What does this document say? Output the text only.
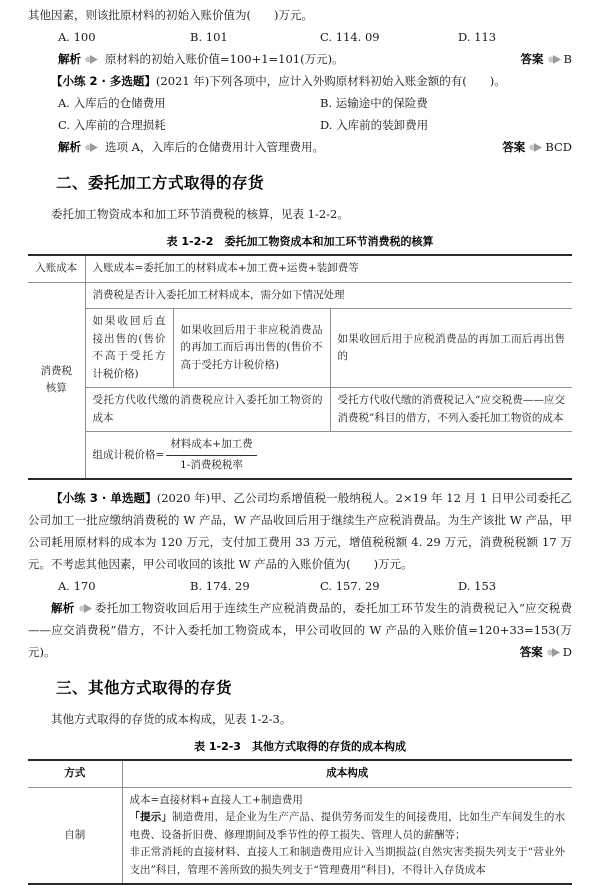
其他因素，则该批原材料的初始入账价值为(　　)万元。

A. 100	B. 101	C. 114. 09	D. 113
解析	原材料的初始入账价值=100+1=101(万元)。	答案 B

【小练 2 · 多选题】(2021 年)下列各项中，应计入外购原材料初始入账金额的有(　　)。

A. 入库后的仓储费用	B. 运输途中的保险费
C. 入库前的合理损耗	D. 入库前的装卸费用
解析	选项 A，入库后的仓储费用计入管理费用。	答案 BCD
二、委托加工方式取得的存货

委托加工物资成本和加工环节消费税的核算，见表 1-2-2。

表 1-2-2　委托加工物资成本和加工环节消费税的核算
入账成本	入账成本=委托加工的材料成本+加工费+运费+装卸费等		

消费税
核算	消费税是否计入委托加工材料成本，需分如下情况处理		
	如果收回后直接出售的(售价不高于受托方计税价格)	如果收回后用于非应税消费品的再加工而后再出售的(售价不高于受托方计税价格)	如果收回后用于应税消费品的再加工而后再出售的
	受托方代收代缴的消费税应计入委托加工物资的成本		受托方代收代缴的消费税记入“应交税费——应交消费税”科目的借方，不列入委托加工物资的成本
	组成计税价格= $\frac{\text{材料成本+加工费}}{\text{1-消费税税率}}$

【小练 3 · 单选题】(2020 年)甲、乙公司均系增值税一般纳税人。2×19 年 12 月 1 日甲公司委托乙公司加工一批应缴纳消费税的 W 产品，W 产品收回后用于继续生产应税消费品。为生产该批 W 产品，甲公司耗用原材料的成本为 120 万元，支付加工费用 33 万元，增值税税额 4. 29 万元，消费税税额 17 万元。不考虑其他因素，甲公司收回的该批 W 产品的入账价值为(　　)万元。

A. 170	B. 174. 29	C. 157. 29	D. 153

解析 委托加工物资收回后用于连续生产应税消费品的，委托加工环节发生的消费税记入“应交税费——应交消费税”借方，不计入委托加工物资成本，甲公司收回的 W 产品的入账价值=120+33=153(万元)。	答案 D
三、其他方式取得的存货

其他方式取得的存货的成本构成，见表 1-2-3。

表 1-2-3　其他方式取得的存货的成本构成
方式	成本构成
自制	成本=直接材料+直接人工+制造费用
「提示」制造费用，是企业为生产产品、提供劳务而发生的间接费用，比如生产车间发生的水电费、设备折旧费、修理期间及季节性的停工损失、管理人员的薪酬等；
非正常消耗的直接材料、直接人工和制造费用应计入当期损益(自然灾害类损失列支于“营业外支出”科目，管理不善所致的损失列支于“管理费用”科目)，不得计入存货成本
